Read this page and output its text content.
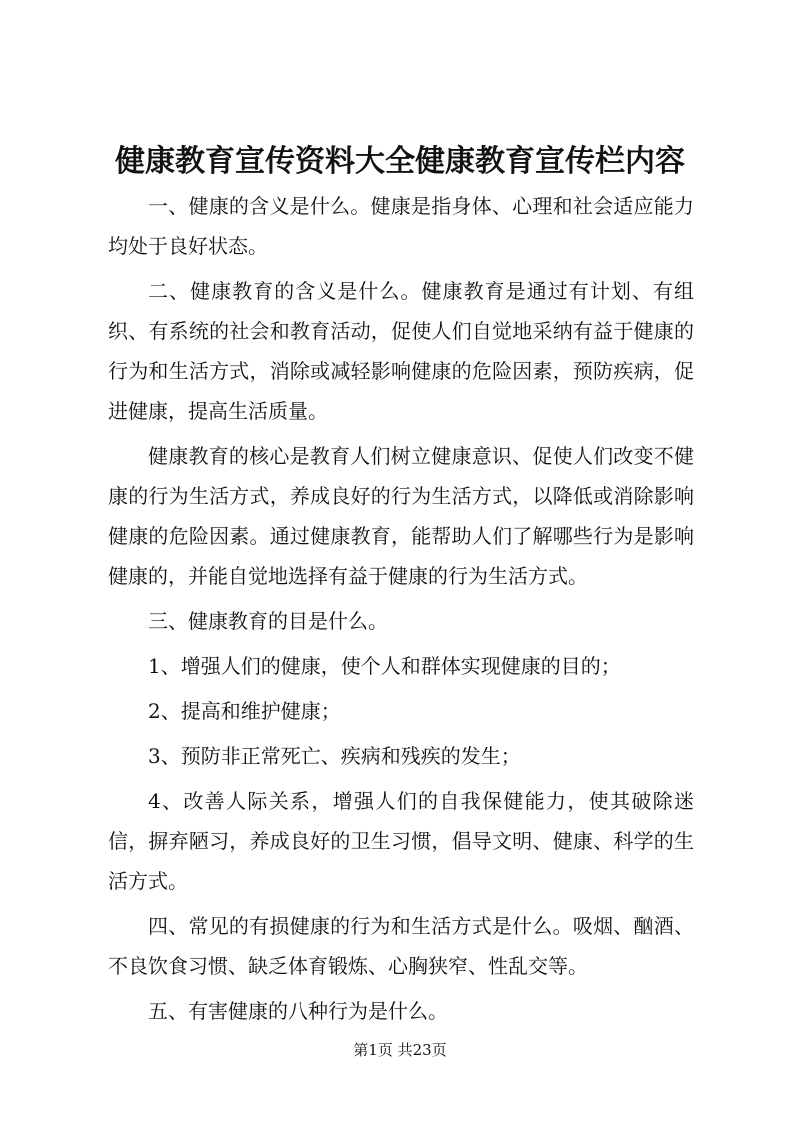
健康教育宣传资料大全健康教育宣传栏内容

一、健康的含义是什么。健康是指身体、心理和社会适应能力均处于良好状态。

二、健康教育的含义是什么。健康教育是通过有计划、有组织、有系统的社会和教育活动，促使人们自觉地采纳有益于健康的行为和生活方式，消除或减轻影响健康的危险因素，预防疾病，促进健康，提高生活质量。

健康教育的核心是教育人们树立健康意识、促使人们改变不健康的行为生活方式，养成良好的行为生活方式，以降低或消除影响健康的危险因素。通过健康教育，能帮助人们了解哪些行为是影响健康的，并能自觉地选择有益于健康的行为生活方式。

三、健康教育的目是什么。

1、增强人们的健康，使个人和群体实现健康的目的；

2、提高和维护健康；

3、预防非正常死亡、疾病和残疾的发生；

4、改善人际关系，增强人们的自我保健能力，使其破除迷信，摒弃陋习，养成良好的卫生习惯，倡导文明、健康、科学的生活方式。

四、常见的有损健康的行为和生活方式是什么。吸烟、酗酒、不良饮食习惯、缺乏体育锻炼、心胸狭窄、性乱交等。

五、有害健康的八种行为是什么。

第1页 共23页
